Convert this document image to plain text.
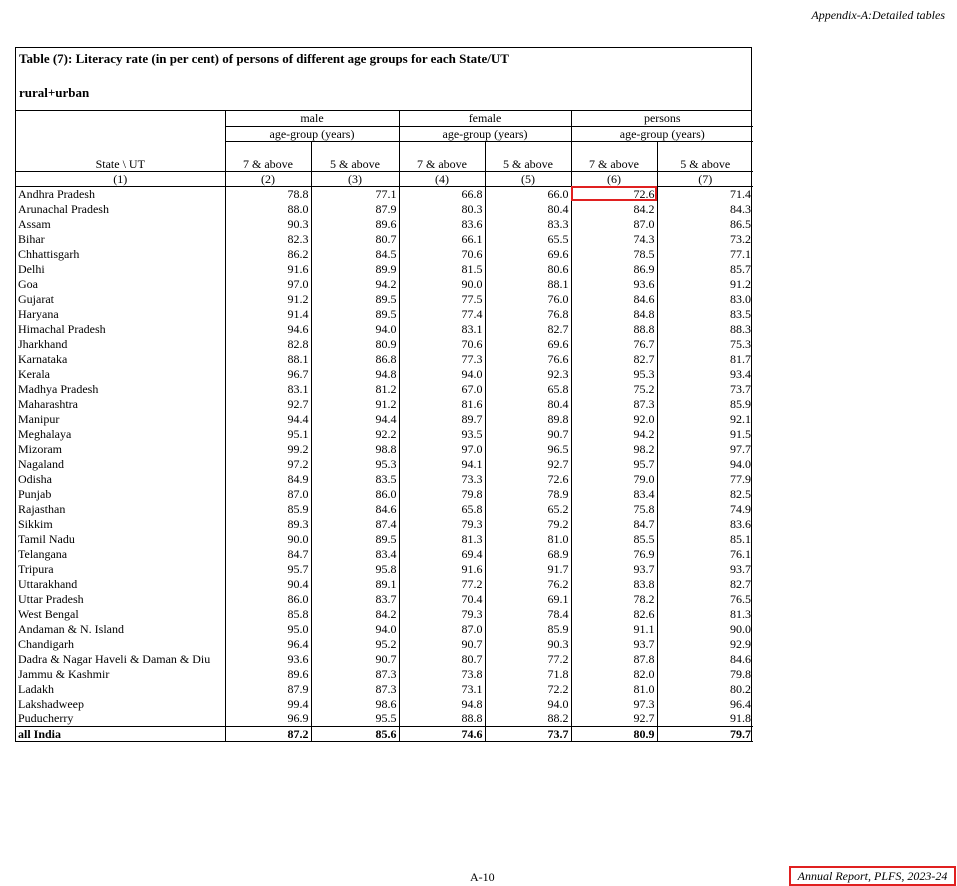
Appendix-A:Detailed tables
Table (7): Literacy rate (in per cent) of persons of different age groups for each State/UT
rural+urban
State \ UT	male		female		persons	
	age-group (years)		age-group (years)		age-group (years)	
	7 & above	5 & above	7 & above	5 & above	7 & above	5 & above
(1)	(2)	(3)	(4)	(5)	(6)	(7)
Andhra Pradesh	78.8	77.1	66.8	66.0	72.6	71.4
Arunachal Pradesh	88.0	87.9	80.3	80.4	84.2	84.3
Assam	90.3	89.6	83.6	83.3	87.0	86.5
Bihar	82.3	80.7	66.1	65.5	74.3	73.2
Chhattisgarh	86.2	84.5	70.6	69.6	78.5	77.1
Delhi	91.6	89.9	81.5	80.6	86.9	85.7
Goa	97.0	94.2	90.0	88.1	93.6	91.2
Gujarat	91.2	89.5	77.5	76.0	84.6	83.0
Haryana	91.4	89.5	77.4	76.8	84.8	83.5
Himachal Pradesh	94.6	94.0	83.1	82.7	88.8	88.3
Jharkhand	82.8	80.9	70.6	69.6	76.7	75.3
Karnataka	88.1	86.8	77.3	76.6	82.7	81.7
Kerala	96.7	94.8	94.0	92.3	95.3	93.4
Madhya Pradesh	83.1	81.2	67.0	65.8	75.2	73.7
Maharashtra	92.7	91.2	81.6	80.4	87.3	85.9
Manipur	94.4	94.4	89.7	89.8	92.0	92.1
Meghalaya	95.1	92.2	93.5	90.7	94.2	91.5
Mizoram	99.2	98.8	97.0	96.5	98.2	97.7
Nagaland	97.2	95.3	94.1	92.7	95.7	94.0
Odisha	84.9	83.5	73.3	72.6	79.0	77.9
Punjab	87.0	86.0	79.8	78.9	83.4	82.5
Rajasthan	85.9	84.6	65.8	65.2	75.8	74.9
Sikkim	89.3	87.4	79.3	79.2	84.7	83.6
Tamil Nadu	90.0	89.5	81.3	81.0	85.5	85.1
Telangana	84.7	83.4	69.4	68.9	76.9	76.1
Tripura	95.7	95.8	91.6	91.7	93.7	93.7
Uttarakhand	90.4	89.1	77.2	76.2	83.8	82.7
Uttar Pradesh	86.0	83.7	70.4	69.1	78.2	76.5
West Bengal	85.8	84.2	79.3	78.4	82.6	81.3
Andaman & N. Island	95.0	94.0	87.0	85.9	91.1	90.0
Chandigarh	96.4	95.2	90.7	90.3	93.7	92.9
Dadra & Nagar Haveli & Daman & Diu	93.6	90.7	80.7	77.2	87.8	84.6
Jammu & Kashmir	89.6	87.3	73.8	71.8	82.0	79.8
Ladakh	87.9	87.3	73.1	72.2	81.0	80.2
Lakshadweep	99.4	98.6	94.8	94.0	97.3	96.4
Puducherry	96.9	95.5	88.8	88.2	92.7	91.8
all India	87.2	85.6	74.6	73.7	80.9	79.7
A-10	Annual Report, PLFS, 2023-24
